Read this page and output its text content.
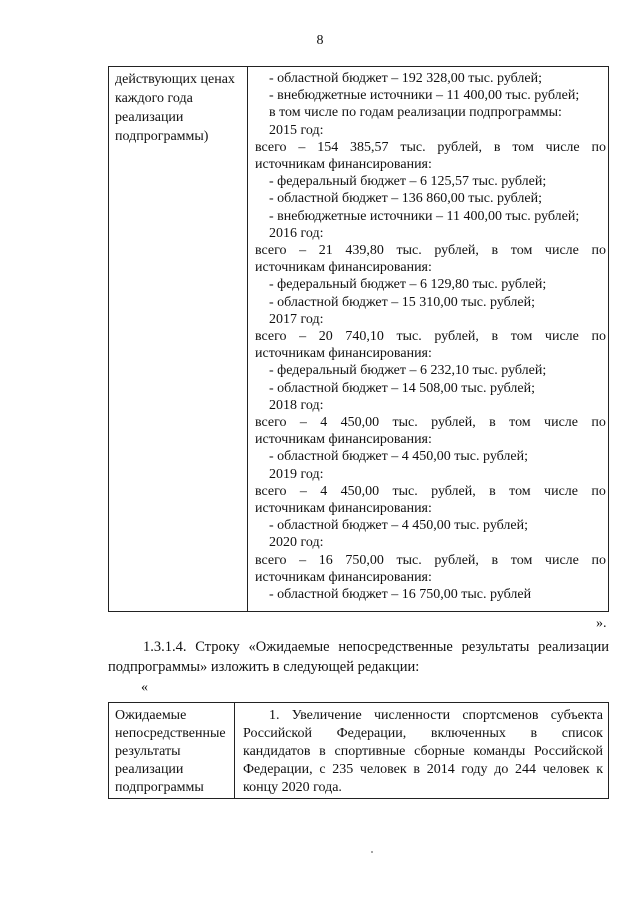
8
действующих ценах
каждого года
реализации
подпрограммы)
- областной бюджет – 192 328,00 тыс. рублей;
- внебюджетные источники – 11 400,00 тыс. рублей;
в том числе по годам реализации подпрограммы:
2015 год:
всего – 154 385,57 тыс. рублей, в том числе по
источникам финансирования:
- федеральный бюджет – 6 125,57 тыс. рублей;
- областной бюджет – 136 860,00 тыс. рублей;
- внебюджетные источники – 11 400,00 тыс. рублей;
2016 год:
всего – 21 439,80 тыс. рублей, в том числе по
источникам финансирования:
- федеральный бюджет – 6 129,80 тыс. рублей;
- областной бюджет – 15 310,00 тыс. рублей;
2017 год:
всего – 20 740,10 тыс. рублей, в том числе по
источникам финансирования:
- федеральный бюджет – 6 232,10 тыс. рублей;
- областной бюджет – 14 508,00 тыс. рублей;
2018 год:
всего – 4 450,00 тыс. рублей, в том числе по
источникам финансирования:
- областной бюджет – 4 450,00 тыс. рублей;
2019 год:
всего – 4 450,00 тыс. рублей, в том числе по
источникам финансирования:
- областной бюджет – 4 450,00 тыс. рублей;
2020 год:
всего – 16 750,00 тыс. рублей, в том числе по
источникам финансирования:
- областной бюджет – 16 750,00 тыс. рублей
».
1.3.1.4. Строку «Ожидаемые непосредственные результаты реализации
подпрограммы» изложить в следующей редакции:
«
Ожидаемые
непосредственные
результаты
реализации
подпрограммы
1. Увеличение численности спортсменов субъекта
Российской Федерации, включенных в список
кандидатов в спортивные сборные команды Российской
Федерации, с 235 человек в 2014 году до 244 человек к
концу 2020 года.
